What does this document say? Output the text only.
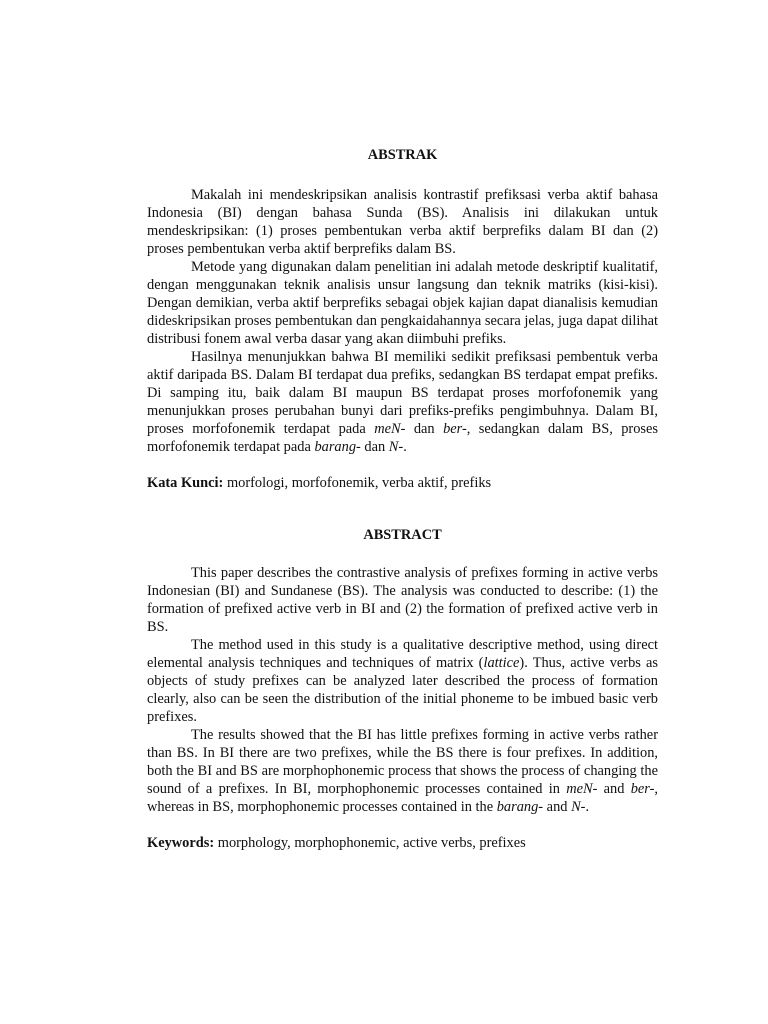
ABSTRAK

Makalah ini mendeskripsikan analisis kontrastif prefiksasi verba aktif bahasa Indonesia (BI) dengan bahasa Sunda (BS). Analisis ini dilakukan untuk mendeskripsikan: (1) proses pembentukan verba aktif berprefiks dalam BI dan (2) proses pembentukan verba aktif berprefiks dalam BS.

Metode yang digunakan dalam penelitian ini adalah metode deskriptif kualitatif, dengan menggunakan teknik analisis unsur langsung dan teknik matriks (kisi-kisi). Dengan demikian, verba aktif berprefiks sebagai objek kajian dapat dianalisis kemudian dideskripsikan proses pembentukan dan pengkaidahannya secara jelas, juga dapat dilihat distribusi fonem awal verba dasar yang akan diimbuhi prefiks.

Hasilnya menunjukkan bahwa BI memiliki sedikit prefiksasi pembentuk verba aktif daripada BS. Dalam BI terdapat dua prefiks, sedangkan BS terdapat empat prefiks. Di samping itu, baik dalam BI maupun BS terdapat proses morfofonemik yang menunjukkan proses perubahan bunyi dari prefiks-prefiks pengimbuhnya. Dalam BI, proses morfofonemik terdapat pada meN- dan ber-, sedangkan dalam BS, proses morfofonemik terdapat pada barang- dan N-.

Kata Kunci: morfologi, morfofonemik, verba aktif, prefiks

ABSTRACT

This paper describes the contrastive analysis of prefixes forming in active verbs Indonesian (BI) and Sundanese (BS). The analysis was conducted to describe: (1) the formation of prefixed active verb in BI and (2) the formation of prefixed active verb in BS.

The method used in this study is a qualitative descriptive method, using direct elemental analysis techniques and techniques of matrix (lattice). Thus, active verbs as objects of study prefixes can be analyzed later described the process of formation clearly, also can be seen the distribution of the initial phoneme to be imbued basic verb prefixes.

The results showed that the BI has little prefixes forming in active verbs rather than BS. In BI there are two prefixes, while the BS there is four prefixes. In addition, both the BI and BS are morphophonemic process that shows the process of changing the sound of a prefixes. In BI, morphophonemic processes contained in meN- and ber-, whereas in BS, morphophonemic processes contained in the barang- and N-.

Keywords: morphology, morphophonemic, active verbs, prefixes
